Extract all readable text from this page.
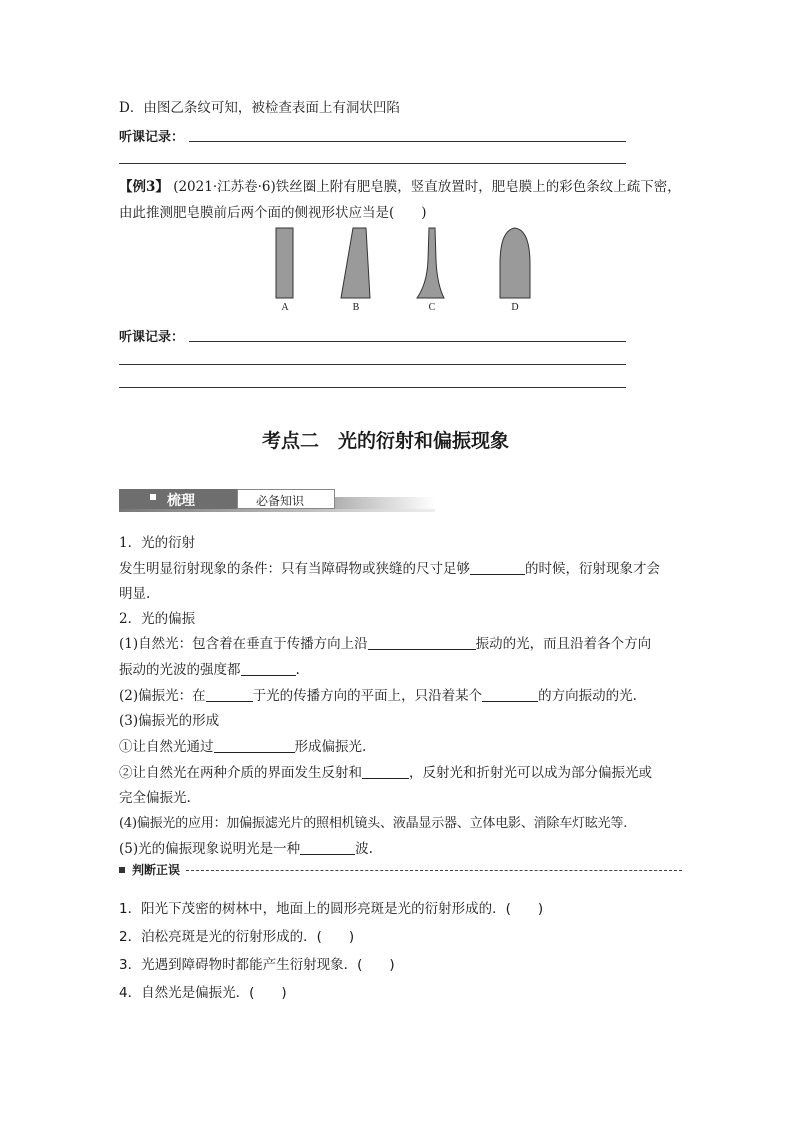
D．由图乙条纹可知，被检查表面上有洞状凹陷
听课记录：
【例3】 (2021·江苏卷·6)铁丝圈上附有肥皂膜，竖直放置时，肥皂膜上的彩色条纹上疏下密，
由此推测肥皂膜前后两个面的侧视形状应当是(　　)
A	B	C	D
听课记录：
考点二　光的衍射和偏振现象
梳理	必备知识
1．光的衍射
发生明显衍射现象的条件：只有当障碍物或狭缝的尺寸足够	的时候，衍射现象才会
明显.
2．光的偏振
(1)自然光：包含着在垂直于传播方向上沿	振动的光，而且沿着各个方向
振动的光波的强度都	.
(2)偏振光：在	于光的传播方向的平面上，只沿着某个	的方向振动的光.
(3)偏振光的形成
①让自然光通过	形成偏振光.
②让自然光在两种介质的界面发生反射和	，反射光和折射光可以成为部分偏振光或
完全偏振光.
(4)偏振光的应用：加偏振滤光片的照相机镜头、液晶显示器、立体电影、消除车灯眩光等.
(5)光的偏振现象说明光是一种	波.
判断正误
1．阳光下茂密的树林中，地面上的圆形亮斑是光的衍射形成的．(　　)
2．泊松亮斑是光的衍射形成的．(　　)
3．光遇到障碍物时都能产生衍射现象．(　　)
4．自然光是偏振光．(　　)
